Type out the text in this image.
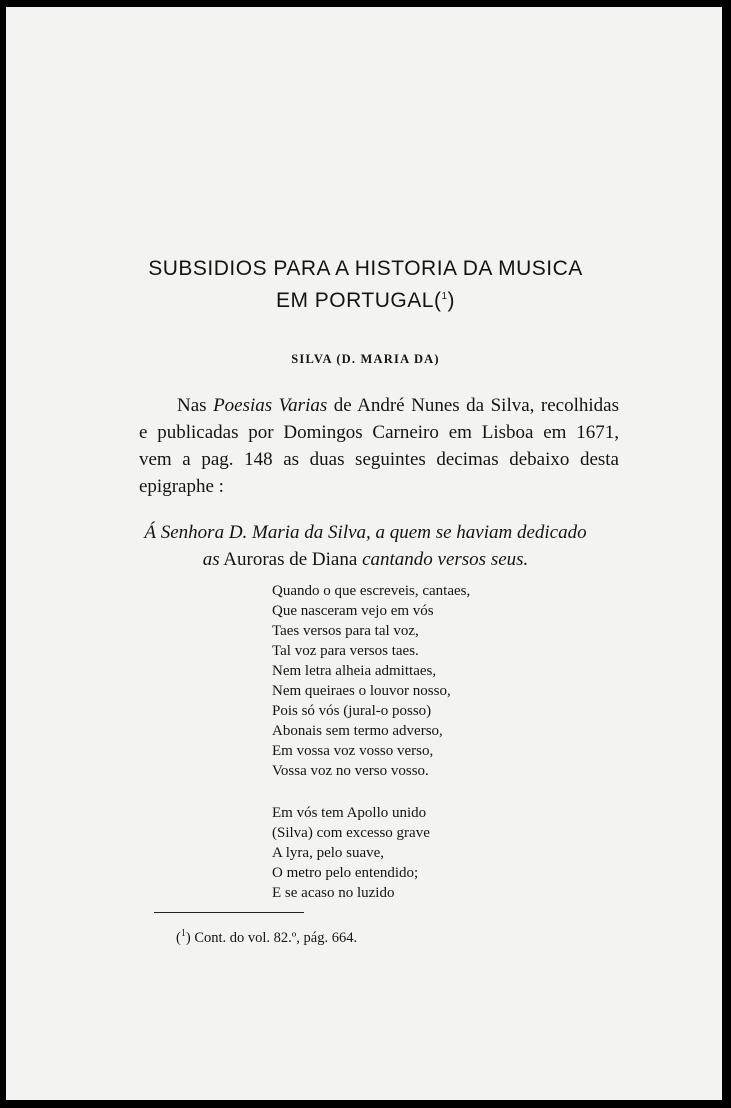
SUBSIDIOS PARA A HISTORIA DA MUSICA
EM PORTUGAL($^1$)
SILVA (D. MARIA DA)
Nas Poesias Varias de André Nunes da Silva, recolhidas
e publicadas por Domingos Carneiro em Lisboa em 1671,
vem a pag. 148 as duas seguintes decimas debaixo desta
epigraphe :
Á Senhora D. Maria da Silva, a quem se haviam dedicado
as Auroras de Diana cantando versos seus.
Quando o que escreveis, cantaes,
Que nasceram vejo em vós
Taes versos para tal voz,
Tal voz para versos taes.
Nem letra alheia admittaes,
Nem queiraes o louvor nosso,
Pois só vós (jural-o posso)
Abonais sem termo adverso,
Em vossa voz vosso verso,
Vossa voz no verso vosso.
Em vós tem Apollo unido
(Silva) com excesso grave
A lyra, pelo suave,
O metro pelo entendido;
E se acaso no luzido
($^1$) Cont. do vol. 82.º, pág. 664.
